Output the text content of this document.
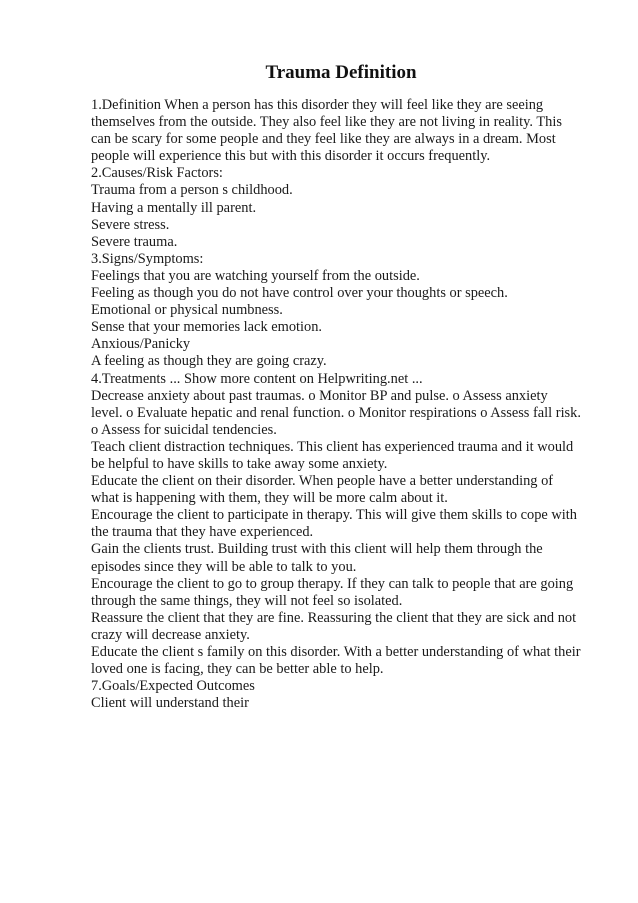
Trauma Definition
1.Definition When a person has this disorder they will feel like they are seeing
themselves from the outside. They also feel like they are not living in reality. This
can be scary for some people and they feel like they are always in a dream. Most
people will experience this but with this disorder it occurs frequently.
2.Causes/Risk Factors:
Trauma from a person s childhood.
Having a mentally ill parent.
Severe stress.
Severe trauma.
3.Signs/Symptoms:
Feelings that you are watching yourself from the outside.
Feeling as though you do not have control over your thoughts or speech.
Emotional or physical numbness.
Sense that your memories lack emotion.
Anxious/Panicky
A feeling as though they are going crazy.
4.Treatments ... Show more content on Helpwriting.net ...
Decrease anxiety about past traumas. o Monitor BP and pulse. o Assess anxiety
level. o Evaluate hepatic and renal function. o Monitor respirations o Assess fall risk.
o Assess for suicidal tendencies.
Teach client distraction techniques. This client has experienced trauma and it would
be helpful to have skills to take away some anxiety.
Educate the client on their disorder. When people have a better understanding of
what is happening with them, they will be more calm about it.
Encourage the client to participate in therapy. This will give them skills to cope with
the trauma that they have experienced.
Gain the clients trust. Building trust with this client will help them through the
episodes since they will be able to talk to you.
Encourage the client to go to group therapy. If they can talk to people that are going
through the same things, they will not feel so isolated.
Reassure the client that they are fine. Reassuring the client that they are sick and not
crazy will decrease anxiety.
Educate the client s family on this disorder. With a better understanding of what their
loved one is facing, they can be better able to help.
7.Goals/Expected Outcomes
Client will understand their
